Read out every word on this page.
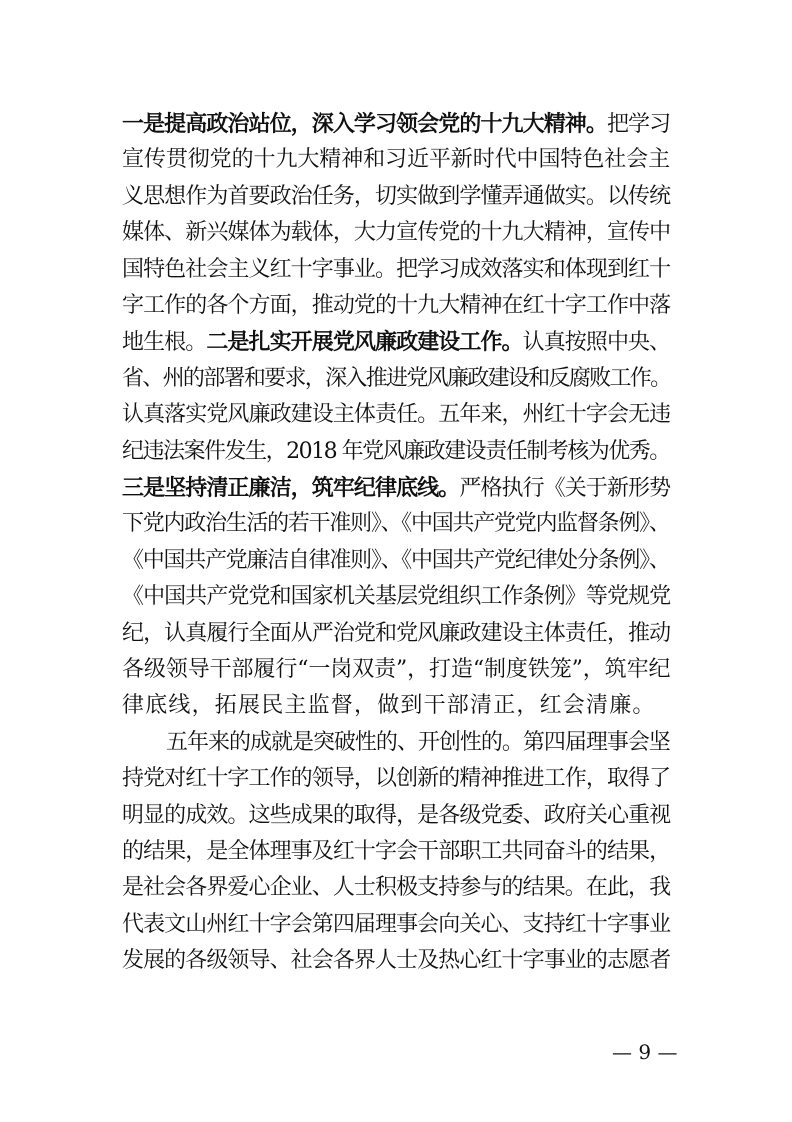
一是提高政治站位，深入学习领会党的十九大精神。把学习
宣传贯彻党的十九大精神和习近平新时代中国特色社会主
义思想作为首要政治任务，切实做到学懂弄通做实。以传统
媒体、新兴媒体为载体，大力宣传党的十九大精神，宣传中
国特色社会主义红十字事业。把学习成效落实和体现到红十
字工作的各个方面，推动党的十九大精神在红十字工作中落
地生根。二是扎实开展党风廉政建设工作。认真按照中央、
省、州的部署和要求，深入推进党风廉政建设和反腐败工作。
认真落实党风廉政建设主体责任。五年来，州红十字会无违
纪违法案件发生，2018 年党风廉政建设责任制考核为优秀。
三是坚持清正廉洁，筑牢纪律底线。严格执行《关于新形势
下党内政治生活的若干准则》、《中国共产党党内监督条例》、
《中国共产党廉洁自律准则》、《中国共产党纪律处分条例》、
《中国共产党党和国家机关基层党组织工作条例》等党规党
纪，认真履行全面从严治党和党风廉政建设主体责任，推动
各级领导干部履行“一岗双责”，打造“制度铁笼”，筑牢纪
律底线，拓展民主监督，做到干部清正，红会清廉。
五年来的成就是突破性的、开创性的。第四届理事会坚
持党对红十字工作的领导，以创新的精神推进工作，取得了
明显的成效。这些成果的取得，是各级党委、政府关心重视
的结果，是全体理事及红十字会干部职工共同奋斗的结果，
是社会各界爱心企业、人士积极支持参与的结果。在此，我
代表文山州红十字会第四届理事会向关心、支持红十字事业
发展的各级领导、社会各界人士及热心红十字事业的志愿者
— 9 —
